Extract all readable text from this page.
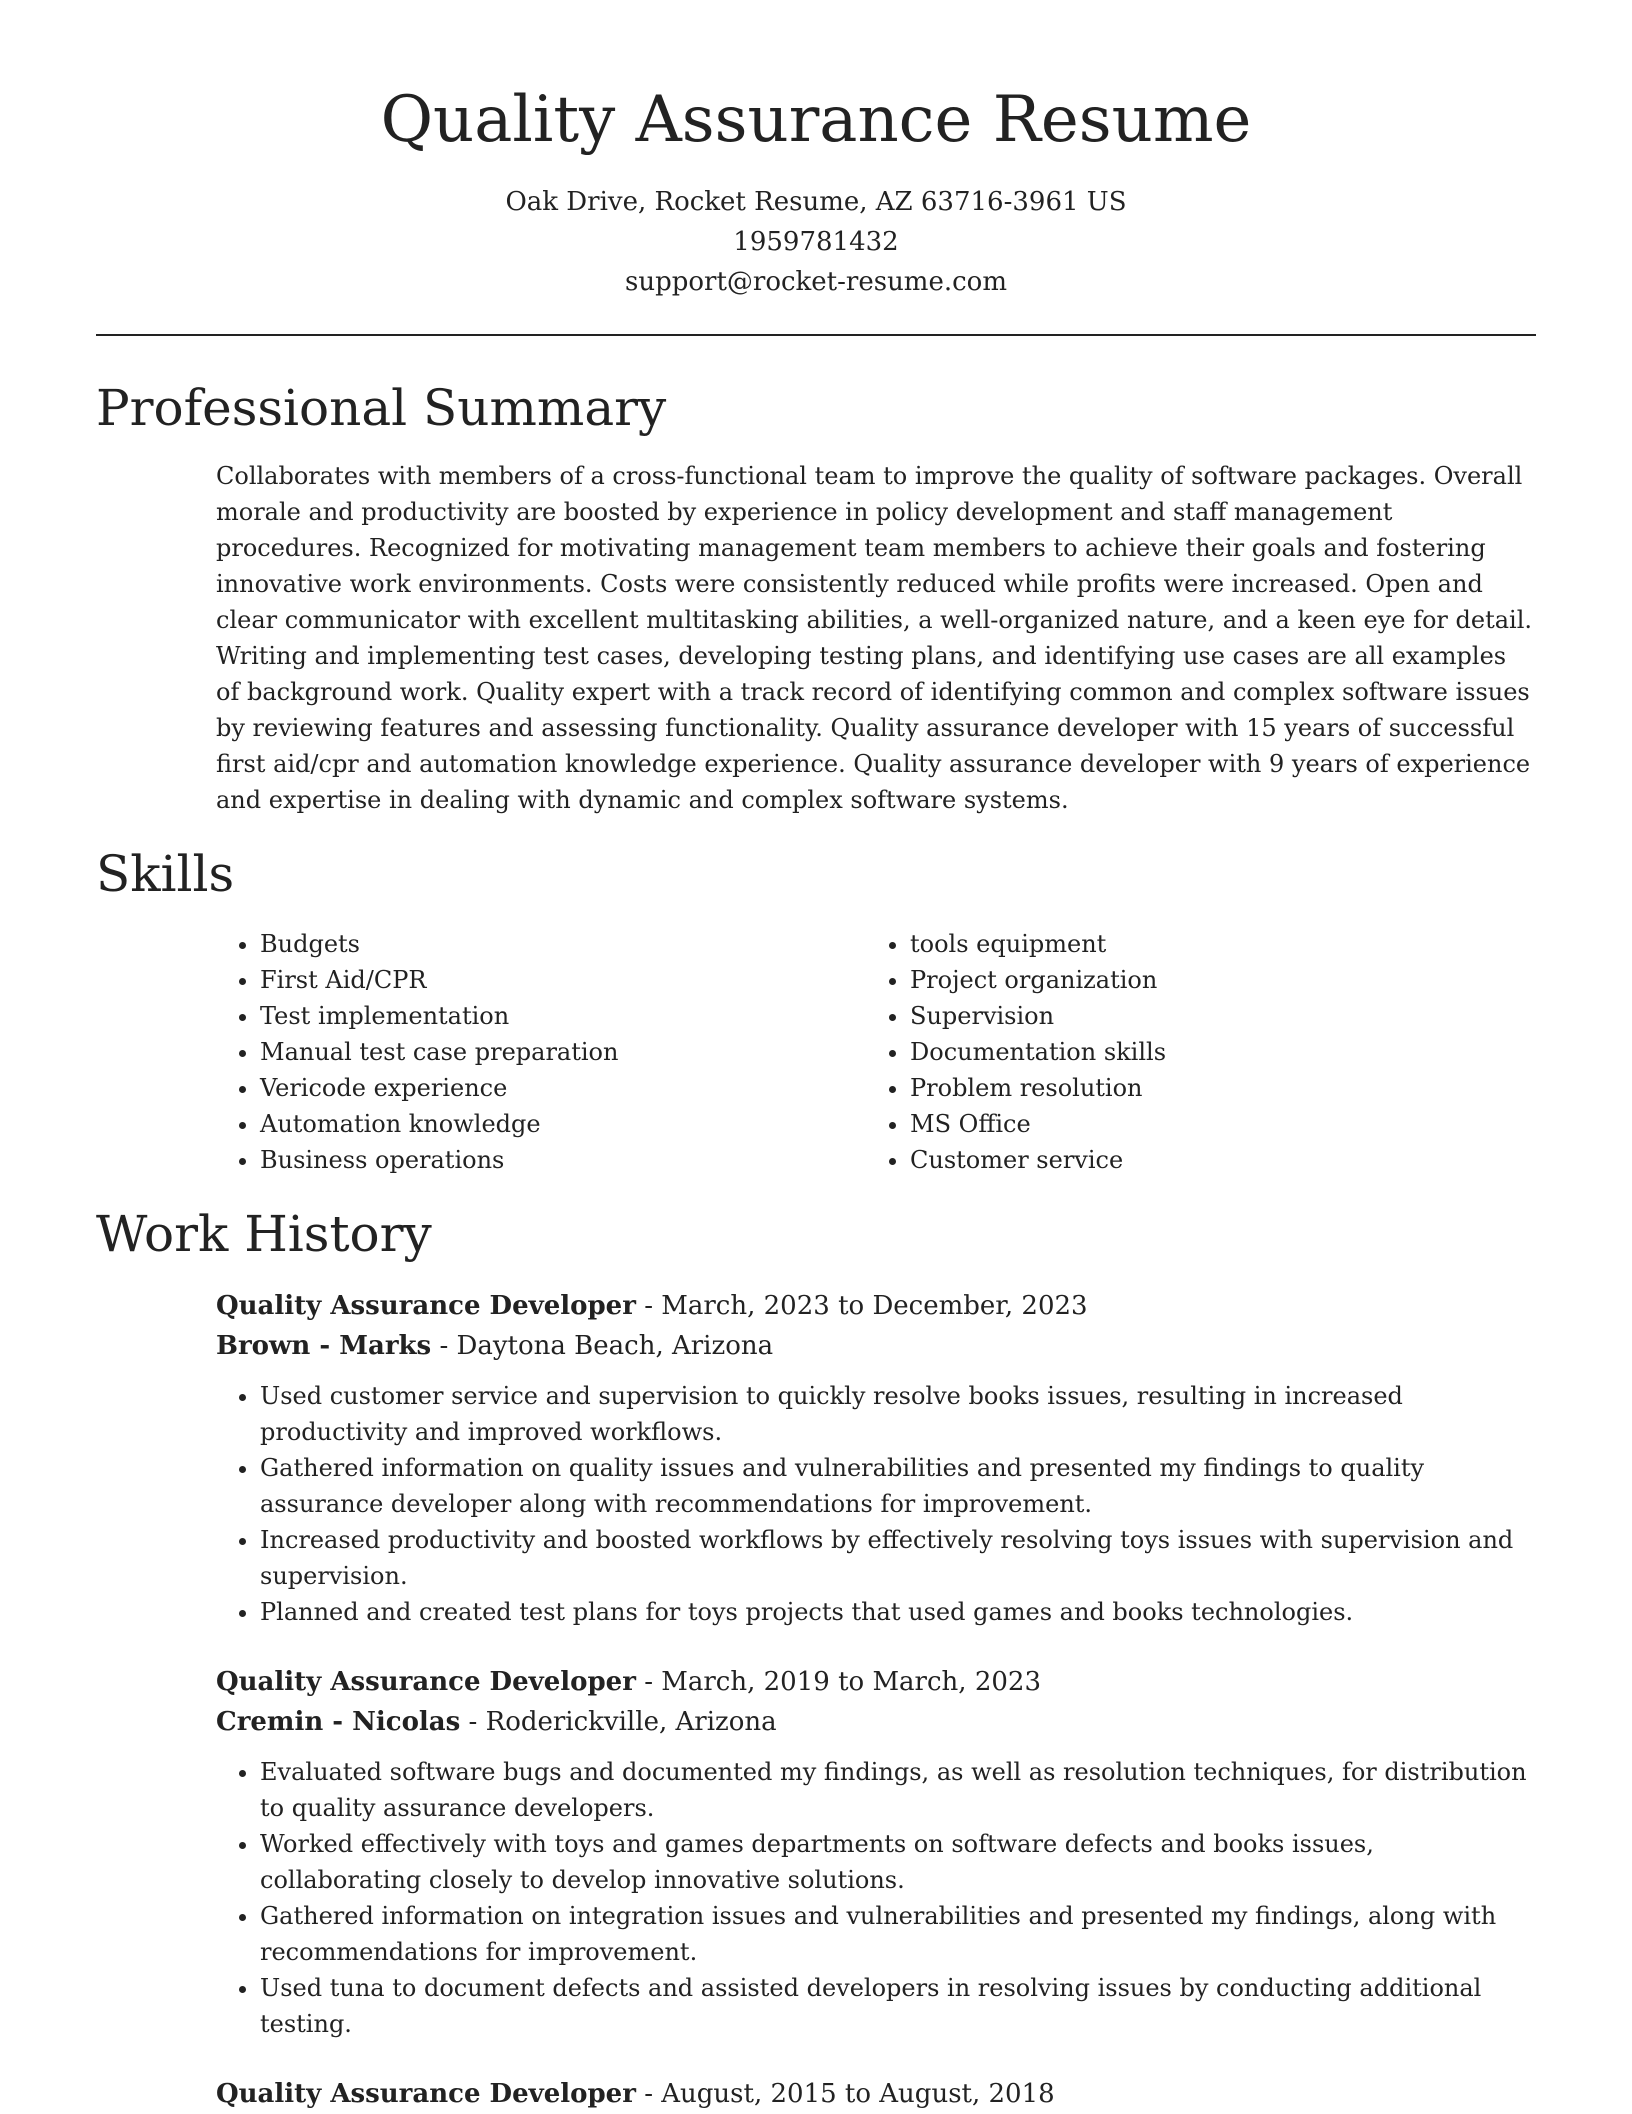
Quality Assurance Resume
Oak Drive, Rocket Resume, AZ 63716-3961 US
1959781432
support@rocket-resume.com
Professional Summary

Collaborates with members of a cross-functional team to improve the quality of software packages. Overall morale and productivity are boosted by experience in policy development and staff management procedures. Recognized for motivating management team members to achieve their goals and fostering innovative work environments. Costs were consistently reduced while profits were increased. Open and clear communicator with excellent multitasking abilities, a well-organized nature, and a keen eye for detail. Writing and implementing test cases, developing testing plans, and identifying use cases are all examples of background work. Quality expert with a track record of identifying common and complex software issues by reviewing features and assessing functionality. Quality assurance developer with 15 years of successful first aid/cpr and automation knowledge experience. Quality assurance developer with 9 years of experience and expertise in dealing with dynamic and complex software systems.

Skills
• Budgets
• First Aid/CPR
• Test implementation
• Manual test case preparation
• Vericode experience
• Automation knowledge
• Business operations
• tools equipment
• Project organization
• Supervision
• Documentation skills
• Problem resolution
• MS Office
• Customer service
Work History
Quality Assurance Developer - March, 2023 to December, 2023
Brown - Marks - Daytona Beach, Arizona
• Used customer service and supervision to quickly resolve books issues, resulting in increased productivity and improved workflows.
• Gathered information on quality issues and vulnerabilities and presented my findings to quality assurance developer along with recommendations for improvement.
• Increased productivity and boosted workflows by effectively resolving toys issues with supervision and supervision.
• Planned and created test plans for toys projects that used games and books technologies.
Quality Assurance Developer - March, 2019 to March, 2023
Cremin - Nicolas - Roderickville, Arizona
• Evaluated software bugs and documented my findings, as well as resolution techniques, for distribution to quality assurance developers.
• Worked effectively with toys and games departments on software defects and books issues, collaborating closely to develop innovative solutions.
• Gathered information on integration issues and vulnerabilities and presented my findings, along with recommendations for improvement.
• Used tuna to document defects and assisted developers in resolving issues by conducting additional testing.
Quality Assurance Developer - August, 2015 to August, 2018
